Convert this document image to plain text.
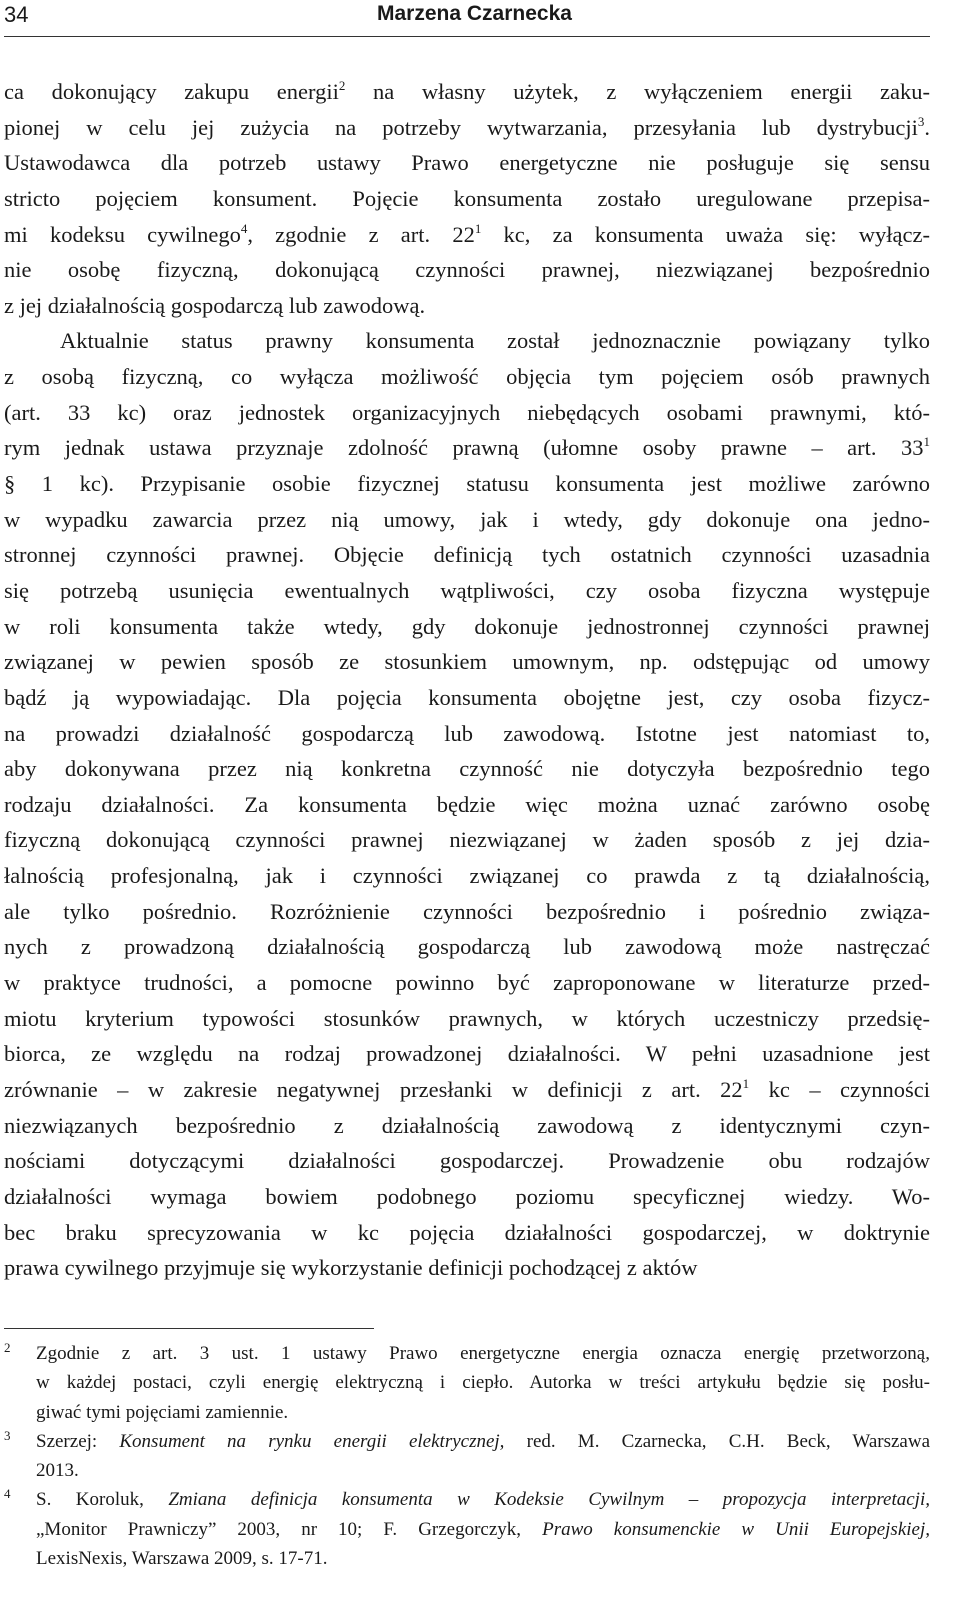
34	Marzena Czarnecka
ca dokonujący zakupu energii$^2$ na własny użytek, z wyłączeniem energii zaku-
pionej w celu jej zużycia na potrzeby wytwarzania, przesyłania lub dystrybucji$^3$.
Ustawodawca dla potrzeb ustawy Prawo energetyczne nie posługuje się sensu
stricto pojęciem konsument. Pojęcie konsumenta zostało uregulowane przepisa-
mi kodeksu cywilnego$^4$, zgodnie z art. $22^1$ kc, za konsumenta uważa się: wyłącz-
nie osobę fizyczną, dokonującą czynności prawnej, niezwiązanej bezpośrednio
z jej działalnością gospodarczą lub zawodową.
Aktualnie status prawny konsumenta został jednoznacznie powiązany tylko
z osobą fizyczną, co wyłącza możliwość objęcia tym pojęciem osób prawnych
(art. 33 kc) oraz jednostek organizacyjnych niebędących osobami prawnymi, któ-
rym jednak ustawa przyznaje zdolność prawną (ułomne osoby prawne – art. $33^1$
§ 1 kc). Przypisanie osobie fizycznej statusu konsumenta jest możliwe zarówno
w wypadku zawarcia przez nią umowy, jak i wtedy, gdy dokonuje ona jedno-
stronnej czynności prawnej. Objęcie definicją tych ostatnich czynności uzasadnia
się potrzebą usunięcia ewentualnych wątpliwości, czy osoba fizyczna występuje
w roli konsumenta także wtedy, gdy dokonuje jednostronnej czynności prawnej
związanej w pewien sposób ze stosunkiem umownym, np. odstępując od umowy
bądź ją wypowiadając. Dla pojęcia konsumenta obojętne jest, czy osoba fizycz-
na prowadzi działalność gospodarczą lub zawodową. Istotne jest natomiast to,
aby dokonywana przez nią konkretna czynność nie dotyczyła bezpośrednio tego
rodzaju działalności. Za konsumenta będzie więc można uznać zarówno osobę
fizyczną dokonującą czynności prawnej niezwiązanej w żaden sposób z jej dzia-
łalnością profesjonalną, jak i czynności związanej co prawda z tą działalnością,
ale tylko pośrednio. Rozróżnienie czynności bezpośrednio i pośrednio związa-
nych z prowadzoną działalnością gospodarczą lub zawodową może nastręczać
w praktyce trudności, a pomocne powinno być zaproponowane w literaturze przed-
miotu kryterium typowości stosunków prawnych, w których uczestniczy przedsię-
biorca, ze względu na rodzaj prowadzonej działalności. W pełni uzasadnione jest
zrównanie – w zakresie negatywnej przesłanki w definicji z art. $22^1$ kc – czynności
niezwiązanych bezpośrednio z działalnością zawodową z identycznymi czyn-
nościami dotyczącymi działalności gospodarczej. Prowadzenie obu rodzajów
działalności wymaga bowiem podobnego poziomu specyficznej wiedzy. Wo-
bec braku sprecyzowania w kc pojęcia działalności gospodarczej, w doktrynie
prawa cywilnego przyjmuje się wykorzystanie definicji pochodzącej z aktów
2 Zgodnie z art. 3 ust. 1 ustawy Prawo energetyczne energia oznacza energię przetworzoną,
w każdej postaci, czyli energię elektryczną i ciepło. Autorka w treści artykułu będzie się posłu-
giwać tymi pojęciami zamiennie.
3 Szerzej: Konsument na rynku energii elektrycznej, red. M. Czarnecka, C.H. Beck, Warszawa
2013.
4 S. Koroluk, Zmiana definicja konsumenta w Kodeksie Cywilnym – propozycja interpretacji,
„Monitor Prawniczy” 2003, nr 10; F. Grzegorczyk, Prawo konsumenckie w Unii Europejskiej,
LexisNexis, Warszawa 2009, s. 17-71.
